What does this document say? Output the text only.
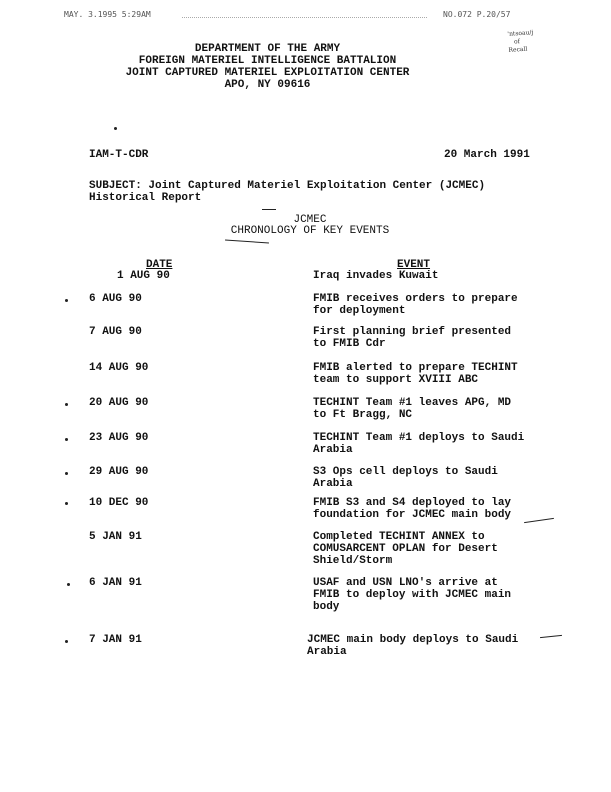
MAY. 3.1995 5:29AM	NO.072 P.20/57
'ntsoau/j
of
Recall
DEPARTMENT OF THE ARMY
FOREIGN MATERIEL INTELLIGENCE BATTALION
JOINT CAPTURED MATERIEL EXPLOITATION CENTER
APO, NY 09616
IAM-T-CDR	20 March 1991
SUBJECT: Joint Captured Materiel Exploitation Center (JCMEC) Historical Report
JCMEC
CHRONOLOGY OF KEY EVENTS
DATE	EVENT
1 AUG 90	Iraq invades Kuwait
6 AUG 90	FMIB receives orders to prepare
for deployment
7 AUG 90	First planning brief presented
to FMIB Cdr
14 AUG 90	FMIB alerted to prepare TECHINT
team to support XVIII ABC
20 AUG 90	TECHINT Team #1 leaves APG, MD
to Ft Bragg, NC
23 AUG 90	TECHINT Team #1 deploys to Saudi
Arabia
29 AUG 90	S3 Ops cell deploys to Saudi
Arabia
10 DEC 90	FMIB S3 and S4 deployed to lay
foundation for JCMEC main body
5 JAN 91	Completed TECHINT ANNEX to
COMUSARCENT OPLAN for Desert
Shield/Storm
6 JAN 91	USAF and USN LNO's arrive at
FMIB to deploy with JCMEC main
body
7 JAN 91	JCMEC main body deploys to Saudi
Arabia
